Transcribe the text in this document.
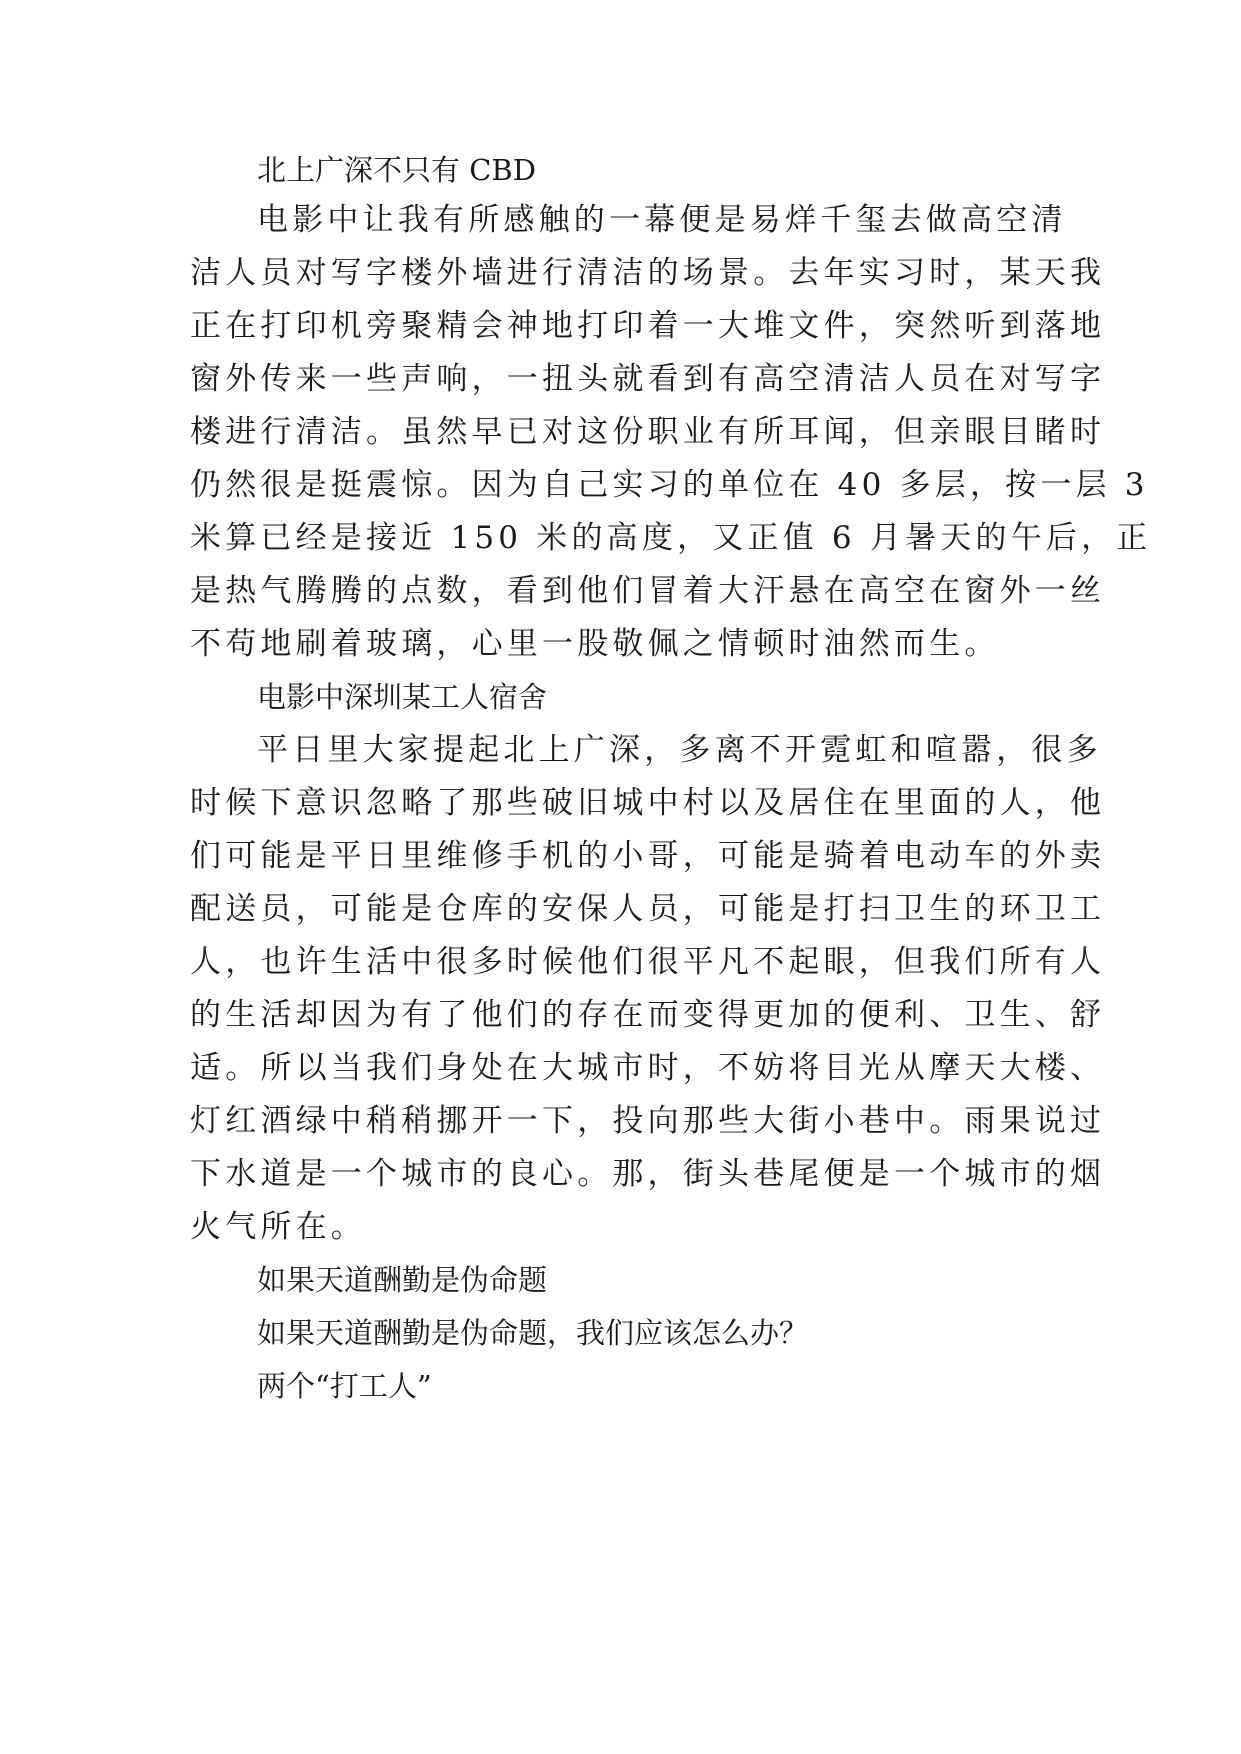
北上广深不只有 CBD
电影中让我有所感触的一幕便是易烊千玺去做高空清
洁人员对写字楼外墙进行清洁的场景。去年实习时，某天我
正在打印机旁聚精会神地打印着一大堆文件，突然听到落地
窗外传来一些声响，一扭头就看到有高空清洁人员在对写字
楼进行清洁。虽然早已对这份职业有所耳闻，但亲眼目睹时
仍然很是挺震惊。因为自己实习的单位在 40 多层，按一层 3
米算已经是接近 150 米的高度，又正值 6 月暑天的午后，正
是热气腾腾的点数，看到他们冒着大汗悬在高空在窗外一丝
不苟地刷着玻璃，心里一股敬佩之情顿时油然而生。
电影中深圳某工人宿舍
平日里大家提起北上广深，多离不开霓虹和喧嚣，很多
时候下意识忽略了那些破旧城中村以及居住在里面的人，他
们可能是平日里维修手机的小哥，可能是骑着电动车的外卖
配送员，可能是仓库的安保人员，可能是打扫卫生的环卫工
人，也许生活中很多时候他们很平凡不起眼，但我们所有人
的生活却因为有了他们的存在而变得更加的便利、卫生、舒
适。所以当我们身处在大城市时，不妨将目光从摩天大楼、
灯红酒绿中稍稍挪开一下，投向那些大街小巷中。雨果说过
下水道是一个城市的良心。那，街头巷尾便是一个城市的烟
火气所在。
如果天道酬勤是伪命题
如果天道酬勤是伪命题，我们应该怎么办？
两个“打工人”
